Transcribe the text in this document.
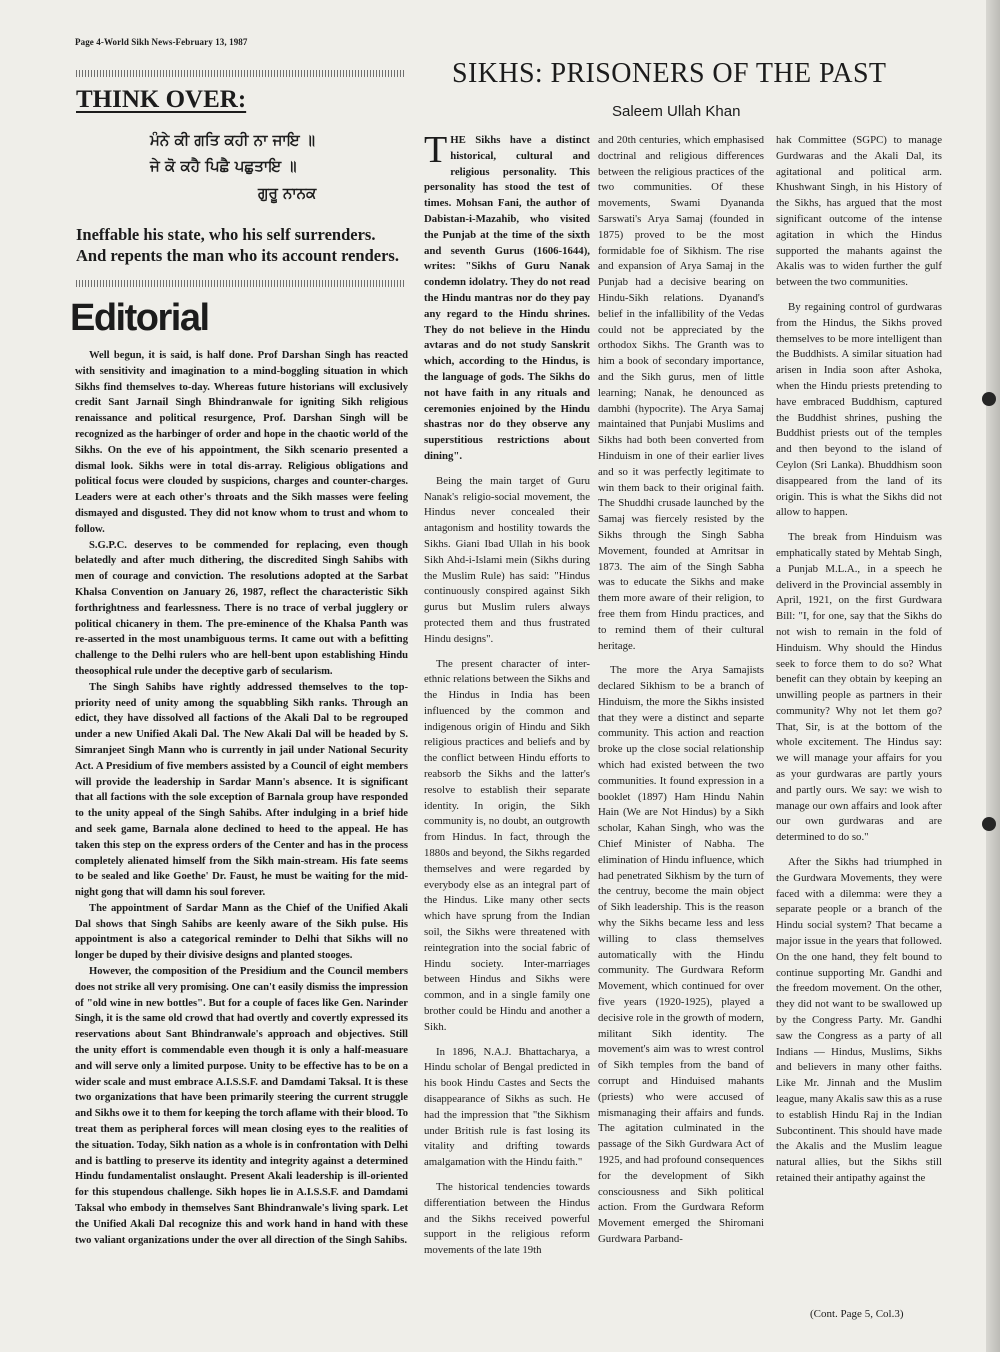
Page 4-World Sikh News-February 13, 1987
THINK OVER:
ਮੰਨੇ ਕੀ ਗਤਿ ਕਹੀ ਨਾ ਜਾਇ ॥
ਜੇ ਕੋ ਕਹੈ ਪਿਛੈ ਪਛੁਤਾਇ ॥
ਗੁਰੂ ਨਾਨਕ
Ineffable his state, who his self surrenders.
And repents the man who its account renders.
Editorial

Well begun, it is said, is half done. Prof Darshan Singh has reacted with sensitivity and imagination to a mind-boggling situation in which Sikhs find themselves to-day. Whereas future historians will exclusively credit Sant Jarnail Singh Bhindranwale for igniting Sikh religious renaissance and political resurgence, Prof. Darshan Singh will be recognized as the harbinger of order and hope in the chaotic world of the Sikhs. On the eve of his appointment, the Sikh scenario presented a dismal look. Sikhs were in total dis-array. Religious obligations and political focus were clouded by suspicions, charges and counter-charges. Leaders were at each other's throats and the Sikh masses were feeling dismayed and disgusted. They did not know whom to trust and whom to follow.

S.G.P.C. deserves to be commended for replacing, even though belatedly and after much dithering, the discredited Singh Sahibs with men of courage and conviction. The resolutions adopted at the Sarbat Khalsa Convention on January 26, 1987, reflect the characteristic Sikh forthrightness and fearlessness. There is no trace of verbal jugglery or political chicanery in them. The pre-eminence of the Khalsa Panth was re-asserted in the most unambiguous terms. It came out with a befitting challenge to the Delhi rulers who are hell-bent upon establishing Hindu theosophical rule under the deceptive garb of secularism.

The Singh Sahibs have rightly addressed themselves to the top-priority need of unity among the squabbling Sikh ranks. Through an edict, they have dissolved all factions of the Akali Dal to be regrouped under a new Unified Akali Dal. The New Akali Dal will be headed by S. Simranjeet Singh Mann who is currently in jail under National Security Act. A Presidium of five members assisted by a Council of eight members will provide the leadership in Sardar Mann's absence. It is significant that all factions with the sole exception of Barnala group have responded to the unity appeal of the Singh Sahibs. After indulging in a brief hide and seek game, Barnala alone declined to heed to the appeal. He has taken this step on the express orders of the Center and has in the process completely alienated himself from the Sikh main-stream. His fate seems to be sealed and like Goethe' Dr. Faust, he must be waiting for the mid-night gong that will damn his soul forever.

The appointment of Sardar Mann as the Chief of the Unified Akali Dal shows that Singh Sahibs are keenly aware of the Sikh pulse. His appointment is also a categorical reminder to Delhi that Sikhs will no longer be duped by their divisive designs and planted stooges.

However, the composition of the Presidium and the Council members does not strike all very promising. One can't easily dismiss the impression of "old wine in new bottles". But for a couple of faces like Gen. Narinder Singh, it is the same old crowd that had overtly and covertly expressed its reservations about Sant Bhindranwale's approach and objectives. Still the unity effort is commendable even though it is only a half-measuare and will serve only a limited purpose. Unity to be effective has to be on a wider scale and must embrace A.I.S.S.F. and Damdami Taksal. It is these two organizations that have been primarily steering the current struggle and Sikhs owe it to them for keeping the torch aflame with their blood. To treat them as peripheral forces will mean closing eyes to the realities of the situation. Today, Sikh nation as a whole is in confrontation with Delhi and is battling to preserve its identity and integrity against a determined Hindu fundamentalist onslaught. Present Akali leadership is ill-oriented for this stupendous challenge. Sikh hopes lie in A.I.S.S.F. and Damdami Taksal who embody in themselves Sant Bhindranwale's living spark. Let the Unified Akali Dal recognize this and work hand in hand with these two valiant organizations under the over all direction of the Singh Sahibs.

SIKHS: PRISONERS OF THE PAST
Saleem Ullah Khan

THE Sikhs have a distinct historical, cultural and religious personality. This personality has stood the test of times. Mohsan Fani, the author of Dabistan-i-Mazahib, who visited the Punjab at the time of the sixth and seventh Gurus (1606-1644), writes: "Sikhs of Guru Nanak condemn idolatry. They do not read the Hindu mantras nor do they pay any regard to the Hindu shrines. They do not believe in the Hindu avtaras and do not study Sanskrit which, according to the Hindus, is the language of gods. The Sikhs do not have faith in any rituals and ceremonies enjoined by the Hindu shastras nor do they observe any superstitious restrictions about dining".

Being the main target of Guru Nanak's religio-social movement, the Hindus never concealed their antagonism and hostility towards the Sikhs. Giani Ibad Ullah in his book Sikh Ahd-i-Islami mein (Sikhs during the Muslim Rule) has said: "Hindus continuously conspired against Sikh gurus but Muslim rulers always protected them and thus frustrated Hindu designs".

The present character of inter-ethnic relations between the Sikhs and the Hindus in India has been influenced by the common and indigenous origin of Hindu and Sikh religious practices and beliefs and by the conflict between Hindu efforts to reabsorb the Sikhs and the latter's resolve to establish their separate identity. In origin, the Sikh community is, no doubt, an outgrowth from Hindus. In fact, through the 1880s and beyond, the Sikhs regarded themselves and were regarded by everybody else as an integral part of the Hindus. Like many other sects which have sprung from the Indian soil, the Sikhs were threatened with reintegration into the social fabric of Hindu society. Inter-marriages between Hindus and Sikhs were common, and in a single family one brother could be Hindu and another a Sikh.

In 1896, N.A.J. Bhattacharya, a Hindu scholar of Bengal predicted in his book Hindu Castes and Sects the disappearance of Sikhs as such. He had the impression that "the Sikhism under British rule is fast losing its vitality and drifting towards amalgamation with the Hindu faith."

The historical tendencies towards differentiation between the Hindus and the Sikhs received powerful support in the religious reform movements of the late 19th

and 20th centuries, which emphasised doctrinal and religious differences between the religious practices of the two communities. Of these movements, Swami Dyananda Sarswati's Arya Samaj (founded in 1875) proved to be the most formidable foe of Sikhism. The rise and expansion of Arya Samaj in the Punjab had a decisive bearing on Hindu-Sikh relations. Dyanand's belief in the infallibility of the Vedas could not be appreciated by the orthodox Sikhs. The Granth was to him a book of secondary importance, and the Sikh gurus, men of little learning; Nanak, he denounced as dambhi (hypocrite). The Arya Samaj maintained that Punjabi Muslims and Sikhs had both been converted from Hinduism in one of their earlier lives and so it was perfectly legitimate to win them back to their original faith. The Shuddhi crusade launched by the Samaj was fiercely resisted by the Sikhs through the Singh Sabha Movement, founded at Amritsar in 1873. The aim of the Singh Sabha was to educate the Sikhs and make them more aware of their religion, to free them from Hindu practices, and to remind them of their cultural heritage.

The more the Arya Samajists declared Sikhism to be a branch of Hinduism, the more the Sikhs insisted that they were a distinct and separte community. This action and reaction broke up the close social relationship which had existed between the two communities. It found expression in a booklet (1897) Ham Hindu Nahin Hain (We are Not Hindus) by a Sikh scholar, Kahan Singh, who was the Chief Minister of Nabha. The elimination of Hindu influence, which had penetrated Sikhism by the turn of the centruy, become the main object of Sikh leadership. This is the reason why the Sikhs became less and less willing to class themselves automatically with the Hindu community. The Gurdwara Reform Movement, which continued for over five years (1920-1925), played a decisive role in the growth of modern, militant Sikh identity. The movement's aim was to wrest control of Sikh temples from the band of corrupt and Hinduised mahants (priests) who were accused of mismanaging their affairs and funds. The agitation culminated in the passage of the Sikh Gurdwara Act of 1925, and had profound consequences for the development of Sikh consciousness and Sikh political action. From the Gurdwara Reform Movement emerged the Shiromani Gurdwara Parband-

hak Committee (SGPC) to manage Gurdwaras and the Akali Dal, its agitational and political arm. Khushwant Singh, in his History of the Sikhs, has argued that the most significant outcome of the intense agitation in which the Hindus supported the mahants against the Akalis was to widen further the gulf between the two communities.

By regaining control of gurdwaras from the Hindus, the Sikhs proved themselves to be more intelligent than the Buddhists. A similar situation had arisen in India soon after Ashoka, when the Hindu priests pretending to have embraced Buddhism, captured the Buddhist shrines, pushing the Buddhist priests out of the temples and then beyond to the island of Ceylon (Sri Lanka). Bhuddhism soon disappeared from the land of its origin. This is what the Sikhs did not allow to happen.

The break from Hinduism was emphatically stated by Mehtab Singh, a Punjab M.L.A., in a speech he deliverd in the Provincial assembly in April, 1921, on the first Gurdwara Bill: "I, for one, say that the Sikhs do not wish to remain in the fold of Hinduism. Why should the Hindus seek to force them to do so? What benefit can they obtain by keeping an unwilling people as partners in their community? Why not let them go? That, Sir, is at the bottom of the whole excitement. The Hindus say: we will manage your affairs for you as your gurdwaras are partly yours and partly ours. We say: we wish to manage our own affairs and look after our own gurdwaras and are determined to do so."

After the Sikhs had triumphed in the Gurdwara Movements, they were faced with a dilemma: were they a separate people or a branch of the Hindu social system? That became a major issue in the years that followed. On the one hand, they felt bound to continue supporting Mr. Gandhi and the freedom movement. On the other, they did not want to be swallowed up by the Congress Party. Mr. Gandhi saw the Congress as a party of all Indians — Hindus, Muslims, Sikhs and believers in many other faiths. Like Mr. Jinnah and the Muslim league, many Akalis saw this as a ruse to establish Hindu Raj in the Indian Subcontinent. This should have made the Akalis and the Muslim league natural allies, but the Sikhs still retained their antipathy against the

(Cont. Page 5, Col.3)
